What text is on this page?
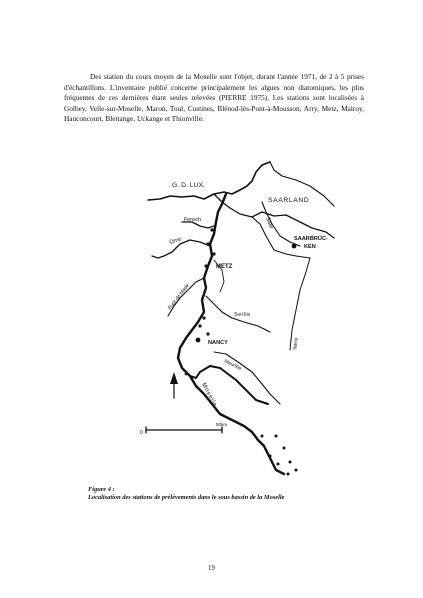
Des station du cours moyen de la Moselle sont l'objet, durant l'année 1971, de 2 à 5 prises d'échantillons. L'inventaire publié concerne principalement les algues non diatomiques, les plus fréquentes de ces dernières étant seules relevées (PIERRE 1975). Les stations sont localisées à Golbey, Velle-sur-Moselle, Maron, Toul, Custines, Blénod-lès-Pont-à-Mousson, Arry, Metz, Malroy, Hauconcourt, Blettange, Uckange et Thionville.

G. D. LUX.
SAARLAND
Saar
SAARBRÜC-
KEN
Fensch
Orne
METZ
Rupt de Made
Seille
NANCY
Meurthe
Sarre
Moselle
0
50km

Figure 4 :
Localisation des stations de prélèvements dans le sous bassin de la Moselle

19
